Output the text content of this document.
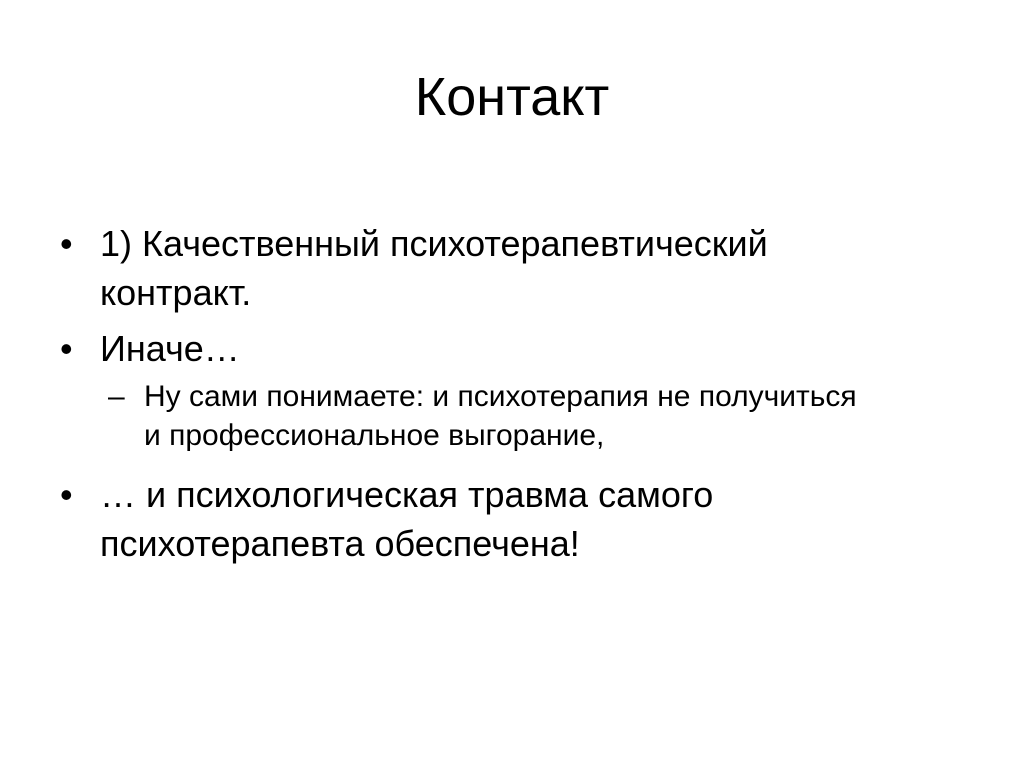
Контакт
• 1) Качественный психотерапевтический
контракт.
• Иначе…
– Ну сами понимаете: и психотерапия не получиться
и профессиональное выгорание,
• … и психологическая травма самого
психотерапевта обеспечена!
